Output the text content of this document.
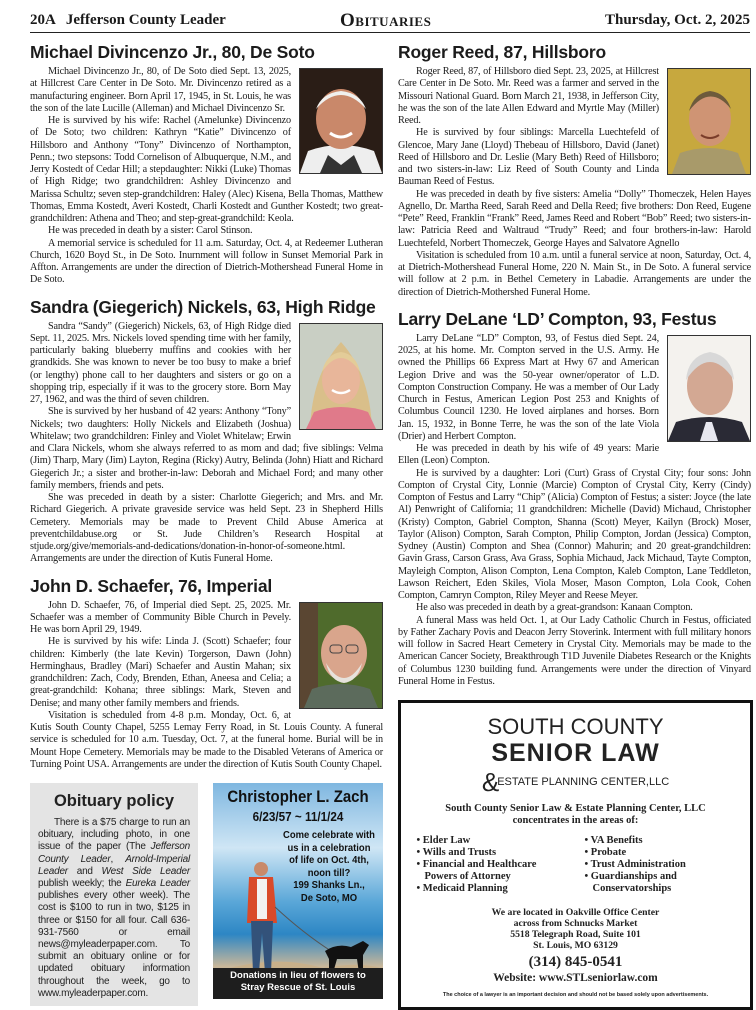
20A Jefferson County Leader	Obituaries	Thursday, Oct. 2, 2025
Michael Divincenzo Jr., 80, De Soto

Michael Divincenzo Jr., 80, of De Soto died Sept. 13, 2025, at Hillcrest Care Center in De Soto. Mr. Divincenzo retired as a manufacturing engineer. Born April 17, 1945, in St. Louis, he was the son of the late Lucille (Alleman) and Michael Divincenzo Sr.

He is survived by his wife: Rachel (Amelunke) Divincenzo of De Soto; two children: Kathryn “Katie” Divincenzo of Hillsboro and Anthony “Tony” Divincenzo of Northampton, Penn.; two stepsons: Todd Cornelison of Albuquerque, N.M., and Jerry Kostedt of Cedar Hill; a stepdaughter: Nikki (Luke) Thomas of High Ridge; two grandchildren: Ashley Divincenzo and Marissa Schultz; seven step-grandchildren: Haley (Alec) Kisena, Bella Thomas, Matthew Thomas, Emma Kostedt, Averi Kostedt, Charli Kostedt and Gunther Kostedt; two great-grandchildren: Athena and Theo; and step-great-grandchild: Keola.

He was preceded in death by a sister: Carol Stinson.

A memorial service is scheduled for 11 a.m. Saturday, Oct. 4, at Redeemer Lutheran Church, 1620 Boyd St., in De Soto. Inurnment will follow in Sunset Memorial Park in Affton. Arrangements are under the direction of Dietrich-Mothershead Funeral Home in De Soto.

Sandra (Giegerich) Nickels, 63, High Ridge

Sandra “Sandy” (Giegerich) Nickels, 63, of High Ridge died Sept. 11, 2025. Mrs. Nickels loved spending time with her family, particularly baking blueberry muffins and cookies with her grandkids. She was known to never be too busy to make a brief (or lengthy) phone call to her daughters and sisters or go on a shopping trip, especially if it was to the grocery store. Born May 27, 1962, and was the third of seven children.

She is survived by her husband of 42 years: Anthony “Tony” Nickels; two daughters: Holly Nickels and Elizabeth (Joshua) Whitelaw; two grandchildren: Finley and Violet Whitelaw; Erwin and Clara Nickels, whom she always referred to as mom and dad; five siblings: Velma (Jim) Tharp, Mary (Jim) Layton, Regina (Ricky) Autry, Belinda (John) Hiatt and Richard Giegerich Jr.; a sister and brother-in-law: Deborah and Michael Ford; and many other family members, friends and pets.

She was preceded in death by a sister: Charlotte Giegerich; and Mrs. and Mr. Richard Giegerich. A private graveside service was held Sept. 23 in Shepherd Hills Cemetery. Memorials may be made to Prevent Child Abuse America at preventchildabuse.org or St. Jude Children’s Research Hospital at stjude.org/give/memorials-and-dedications/donation-in-honor-of-someone.html. Arrangements are under the direction of Kutis Funeral Home.

John D. Schaefer, 76, Imperial

John D. Schaefer, 76, of Imperial died Sept. 25, 2025. Mr. Schaefer was a member of Community Bible Church in Pevely. He was born April 29, 1949.

He is survived by his wife: Linda J. (Scott) Schaefer; four children: Kimberly (the late Kevin) Torgerson, Dawn (John) Herminghaus, Bradley (Mari) Schaefer and Austin Mahan; six grandchildren: Zach, Cody, Brenden, Ethan, Aneesa and Celia; a great-grandchild: Kohana; three siblings: Mark, Steven and Denise; and many other family members and friends.

Visitation is scheduled from 4-8 p.m. Monday, Oct. 6, at Kutis South County Chapel, 5255 Lemay Ferry Road, in St. Louis County. A funeral service is scheduled for 10 a.m. Tuesday, Oct. 7, at the funeral home. Burial will be in Mount Hope Cemetery. Memorials may be made to the Disabled Veterans of America or Turning Point USA. Arrangements are under the direction of Kutis South County Chapel.

Obituary policy

There is a $75 charge to run an obituary, including photo, in one issue of the paper (The Jefferson County Leader, Arnold-Imperial Leader and West Side Leader publish weekly; the Eureka Leader publishes every other week). The cost is $100 to run in two, $125 in three or $150 for all four. Call 636-931-7560 or email news@myleaderpaper.com. To submit an obituary online or for updated obituary information throughout the week, go to www.myleaderpaper.com.

Christopher L. Zach
6/23/57 ~ 11/1/24
Come celebrate with
us in a celebration
of life on Oct. 4th,
noon till?
199 Shanks Ln.,
De Soto, MO
Donations in lieu of flowers to
Stray Rescue of St. Louis
Roger Reed, 87, Hillsboro

Roger Reed, 87, of Hillsboro died Sept. 23, 2025, at Hillcrest Care Center in De Soto. Mr. Reed was a farmer and served in the Missouri National Guard. Born March 21, 1938, in Jefferson City, he was the son of the late Allen Edward and Myrtle May (Miller) Reed.

He is survived by four siblings: Marcella Luechtefeld of Glencoe, Mary Jane (Lloyd) Thebeau of Hillsboro, David (Janet) Reed of Hillsboro and Dr. Leslie (Mary Beth) Reed of Hillsboro; and two sisters-in-law: Liz Reed of South County and Linda Bauman Reed of Festus.

He was preceded in death by five sisters: Amelia “Dolly” Thomeczek, Helen Hayes Agnello, Dr. Martha Reed, Sarah Reed and Della Reed; five brothers: Don Reed, Eugene “Pete” Reed, Franklin “Frank” Reed, James Reed and Robert “Bob” Reed; two sisters-in-law: Patricia Reed and Waltraud “Trudy” Reed; and four brothers-in-law: Harold Luechtefeld, Norbert Thomeczek, George Hayes and Salvatore Agnello

Visitation is scheduled from 10 a.m. until a funeral service at noon, Saturday, Oct. 4, at Dietrich-Mothershead Funeral Home, 220 N. Main St., in De Soto. A funeral service will follow at 2 p.m. in Bethel Cemetery in Labadie. Arrangements are under the direction of Dietrich-Mothershed Funeral Home.

Larry DeLane ‘LD’ Compton, 93, Festus

Larry DeLane “LD” Compton, 93, of Festus died Sept. 24, 2025, at his home. Mr. Compton served in the U.S. Army. He owned the Phillips 66 Express Mart at Hwy 67 and American Legion Drive and was the 50-year owner/operator of L.D. Compton Construction Company. He was a member of Our Lady Church in Festus, American Legion Post 253 and Knights of Columbus Council 1230. He loved airplanes and horses. Born Jan. 15, 1932, in Bonne Terre, he was the son of the late Viola (Drier) and Herbert Compton.

He was preceded in death by his wife of 49 years: Marie Ellen (Leon) Compton.

He is survived by a daughter: Lori (Curt) Grass of Crystal City; four sons: John Compton of Crystal City, Lonnie (Marcie) Compton of Crystal City, Kerry (Cindy) Compton of Festus and Larry “Chip” (Alicia) Compton of Festus; a sister: Joyce (the late Al) Penwright of California; 11 grandchildren: Michelle (David) Michaud, Christopher (Kristy) Compton, Gabriel Compton, Shanna (Scott) Meyer, Kailyn (Brock) Moser, Taylor (Alison) Compton, Sarah Compton, Philip Compton, Jordan (Jessica) Compton, Sydney (Austin) Compton and Shea (Connor) Mahurin; and 20 great-grandchildren: Gavin Grass, Carson Grass, Ava Grass, Sophia Michaud, Jack Michaud, Tayte Compton, Mayleigh Compton, Alison Compton, Lena Compton, Kaleb Compton, Lane Teddleton, Lawson Reichert, Eden Skiles, Viola Moser, Mason Compton, Lola Cook, Cohen Compton, Camryn Compton, Riley Meyer and Reese Meyer.

He also was preceded in death by a great-grandson: Kanaan Compton.

A funeral Mass was held Oct. 1, at Our Lady Catholic Church in Festus, officiated by Father Zachary Povis and Deacon Jerry Stoverink. Interment with full military honors will follow in Sacred Heart Cemetery in Crystal City. Memorials may be made to the American Cancer Society, Breakthrough T1D Juvenile Diabetes Research or the Knights of Columbus 1230 building fund. Arrangements were under the direction of Vinyard Funeral Home in Festus.

SOUTH COUNTY
SENIOR LAW
&ESTATE PLANNING CENTER,LLC
South County Senior Law & Estate Planning Center, LLC
concentrates in the areas of:
• Elder Law
• Wills and Trusts
• Financial and Healthcare Powers of Attorney
• Medicaid Planning
• VA Benefits
• Probate
• Trust Administration
• Guardianships and Conservatorships
We are located in Oakville Office Center
across from Schnucks Market
5518 Telegraph Road, Suite 101
St. Louis, MO 63129
(314) 845-0541
Website: www.STLseniorlaw.com
The choice of a lawyer is an important decision and should not be based solely upon advertisements.
